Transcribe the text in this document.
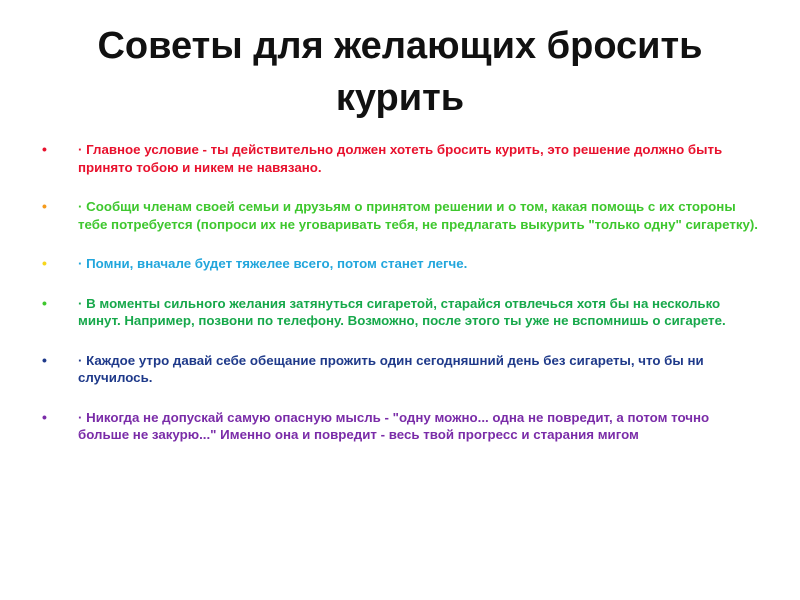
Советы для желающих бросить курить
•	· Главное условие - ты действительно должен хотеть бросить курить, это решение должно быть принято тобою и никем не навязано.
•	· Сообщи членам своей семьи и друзьям о принятом решении и о том, какая помощь с их стороны тебе потребуется (попроси их не уговаривать тебя, не предлагать выкурить "только одну" сигаретку).
•	· Помни, вначале будет тяжелее всего, потом станет легче.
•	· В моменты сильного желания затянуться сигаретой, старайся отвлечься хотя бы на несколько минут. Например, позвони по телефону. Возможно, после этого ты уже не вспомнишь о сигарете.
•	· Каждое утро давай себе обещание прожить один сегодняшний день без сигареты, что бы ни случилось.
•	· Никогда не допускай самую опасную мысль - "одну можно... одна не повредит, а потом точно больше не закурю..." Именно она и повредит - весь твой прогресс и старания мигом
